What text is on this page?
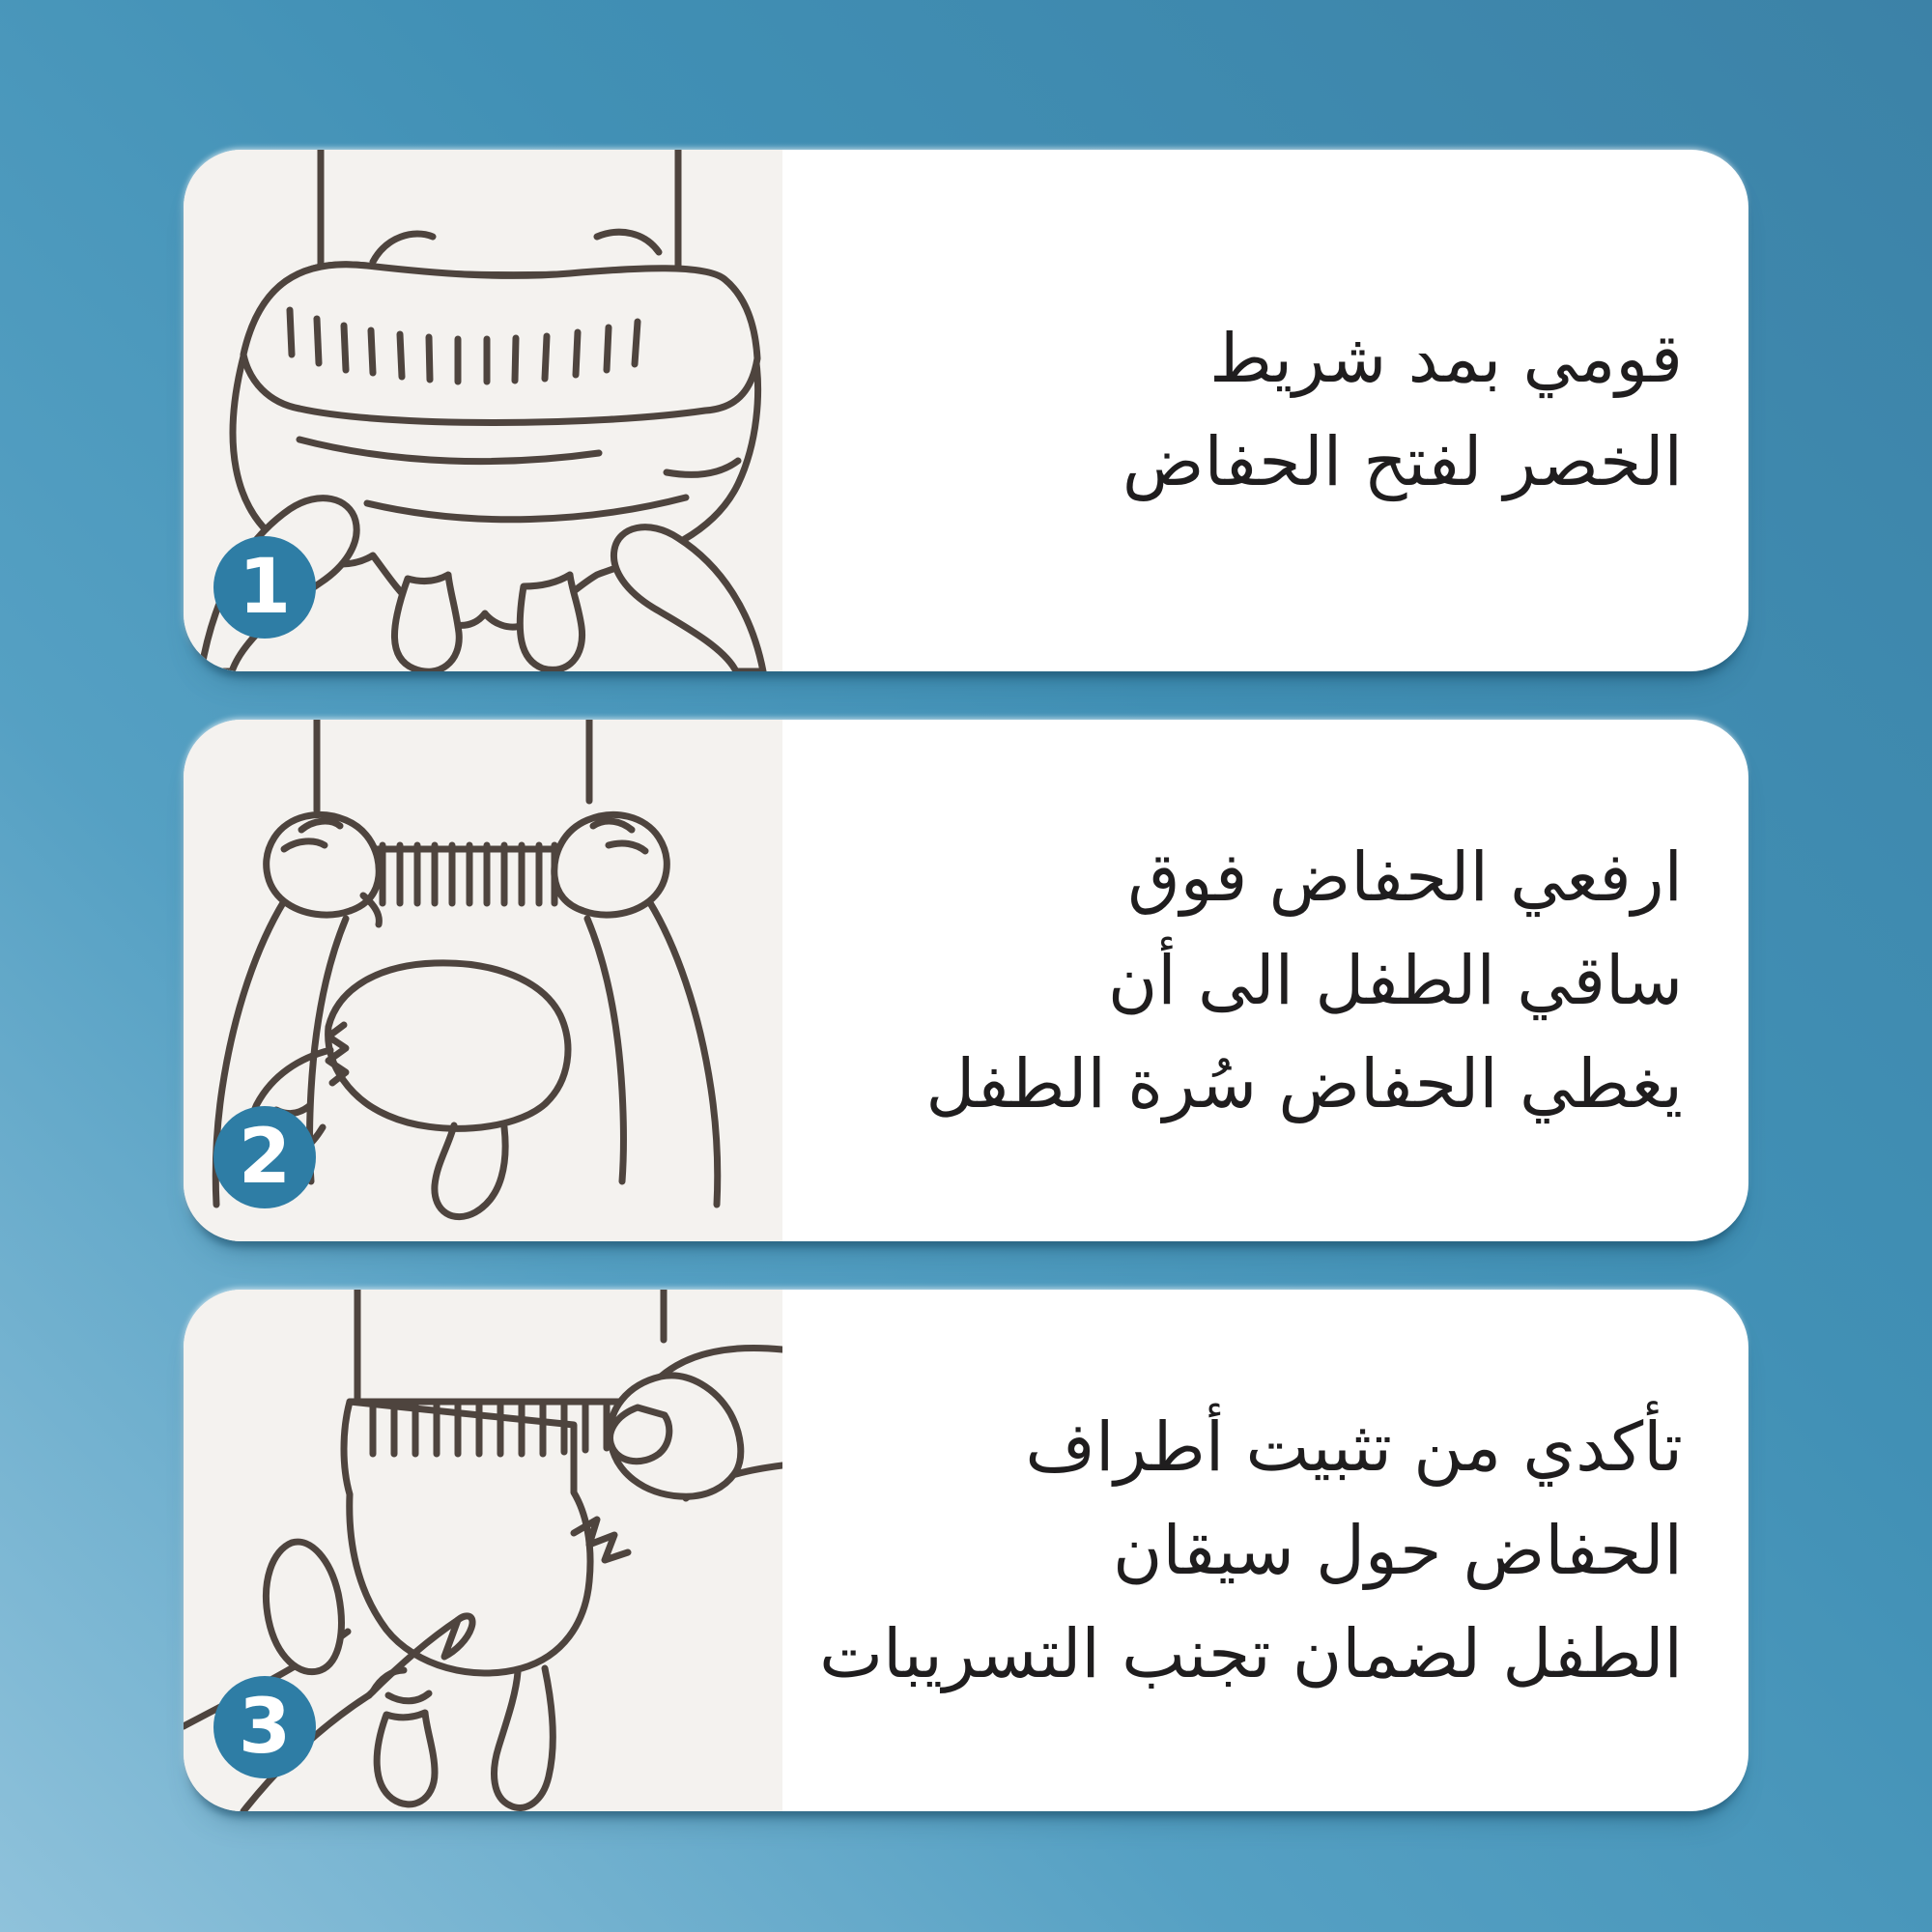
1
قومي بمد شريط
الخصر لفتح الحفاض
2
ارفعي الحفاض فوق
ساقي الطفل الى أن
يغطي الحفاض سُرة الطفل
3
تأكدي من تثبيت أطراف
الحفاض حول سيقان
الطفل لضمان تجنب التسريبات
